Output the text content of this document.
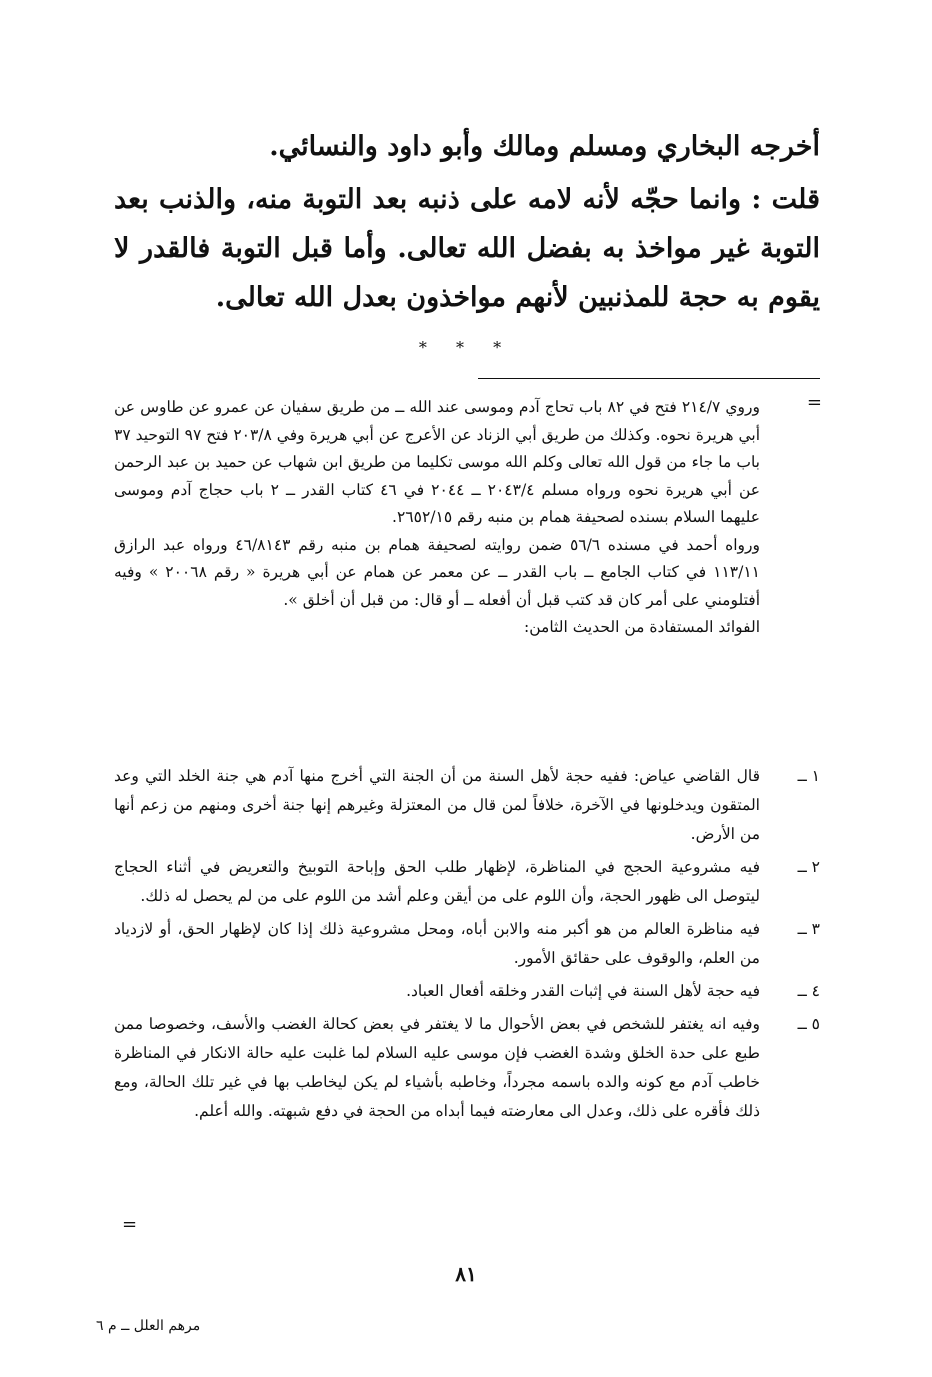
أخرجه البخاري ومسلم ومالك وأبو داود والنسائي.

قلت : وانما حجّه لأنه لامه على ذنبه بعد التوبة منه، والذنب بعد التوبة غير مواخذ به بفضل الله تعالى. وأما قبل التوبة فالقدر لا يقوم به حجة للمذنبين لأنهم مواخذون بعدل الله تعالى.

* * *
=

وروي ٢١٤/٧ فتح في ٨٢ باب تحاج آدم وموسى عند الله ــ من طريق سفيان عن عمرو عن طاوس عن أبي هريرة نحوه. وكذلك من طريق أبي الزناد عن الأعرج عن أبي هريرة وفي ٢٠٣/٨ فتح ٩٧ التوحيد ٣٧ باب ما جاء من قول الله تعالى وكلم الله موسى تكليما من طريق ابن شهاب عن حميد بن عبد الرحمن عن أبي هريرة نحوه ورواه مسلم ٢٠٤٣/٤ ــ ٢٠٤٤ في ٤٦ كتاب القدر ــ ٢ باب حجاج آدم وموسى عليهما السلام بسنده لصحيفة همام بن منبه رقم ٢٦٥٢/١٥.

ورواه أحمد في مسنده ٥٦/٦ ضمن روايته لصحيفة همام بن منبه رقم ٤٦/٨١٤٣ ورواه عبد الرازق ١١٣/١١ في كتاب الجامع ــ باب القدر ــ عن معمر عن همام عن أبي هريرة « رقم ٢٠٠٦٨ » وفيه أفتلومني على أمر كان قد كتب قبل أن أفعله ــ أو قال: من قبل أن أخلق ».

الفوائد المستفادة من الحديث الثامن:

١ ــ
قال القاضي عياض: ففيه حجة لأهل السنة من أن الجنة التي أخرج منها آدم هي جنة الخلد التي وعد المتقون ويدخلونها في الآخرة، خلافاً لمن قال من المعتزلة وغيرهم إنها جنة أخرى ومنهم من زعم أنها من الأرض.
٢ ــ
فيه مشروعية الحجج في المناظرة، لإظهار طلب الحق وإباحة التوبيخ والتعريض في أثناء الحجاج ليتوصل الى ظهور الحجة، وأن اللوم على من أيقن وعلم أشد من اللوم على من لم يحصل له ذلك.
٣ ــ
فيه مناظرة العالم من هو أكبر منه والابن أباه، ومحل مشروعية ذلك إذا كان لإظهار الحق، أو لازدياد من العلم، والوقوف على حقائق الأمور.
٤ ــ
فيه حجة لأهل السنة في إثبات القدر وخلقه أفعال العباد.
٥ ــ
وفيه انه يغتفر للشخص في بعض الأحوال ما لا يغتفر في بعض كحالة الغضب والأسف، وخصوصا ممن طبع على حدة الخلق وشدة الغضب فإن موسى عليه السلام لما غلبت عليه حالة الانكار في المناظرة خاطب آدم مع كونه والده باسمه مجرداً، وخاطبه بأشياء لم يكن ليخاطب بها في غير تلك الحالة، ومع ذلك فأقره على ذلك، وعدل الى معارضته فيما أبداه من الحجة في دفع شبهته. والله أعلم.
=
٨١
مرهم العلل ــ م ٦
